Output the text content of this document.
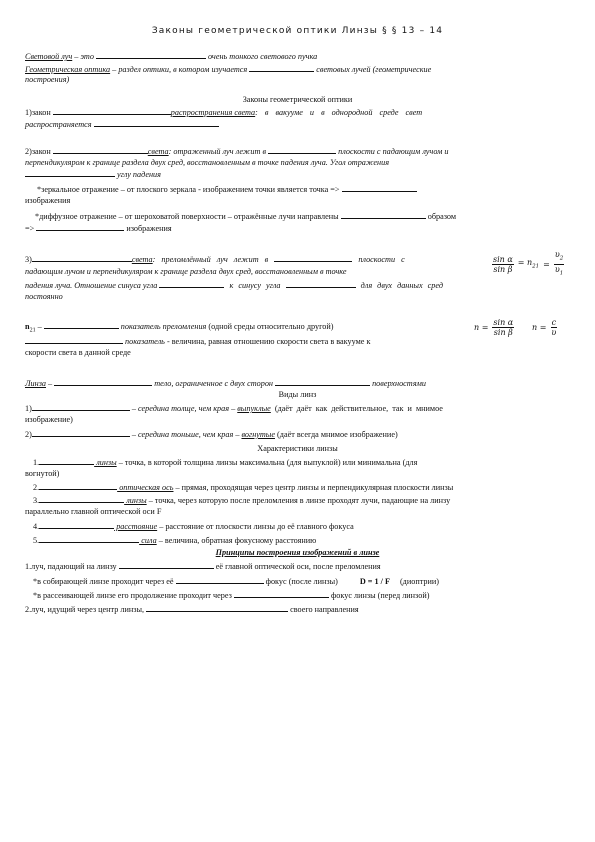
Законы геометрической оптики Линзы § § 13 – 14
Световой луч – это	очень тонкого светового пучка
Геометрическая оптика – раздел оптики, в котором изучается	световых лучей (геометрические
построения)
Законы геометрической оптики
1)закон	распространения света: в вакууме и в однородной среде свет
распространяется
2)закон	света: отраженный луч лежит в	плоскости с падающим лучом и
перпендикуляром к границе раздела двух сред, восстановленным в точке падения луча. Угол отражения
углу падения
*зеркальное отражение – от плоского зеркала - изображением точки является точка =>
изображения
*диффузное отражение – от шероховатой поверхности – отражённые лучи направлены	образом
=>	изображения
3)	света: преломлённый луч лежит в	плоскости с
падающим лучом и перпендикуляром к границе раздела двух сред, восстановленным в точке
падения луча. Отношение синуса угла	к синусу угла	для двух данных сред
постоянно
$n_{21}$ –	показатель преломления (одной среды относительно другой)
показатель - величина, равная отношению скорости света в вакууме к
скорости света в данной среде
Линза –	тело, ограниченное с двух сторон	поверхностями
Виды линз
1)	– середина толще, чем края – выпуклые (даёт даёт как действительное, так и мнимое
изображение)
2)	– середина тоньше, чем края – вогнутые (даёт всегда мнимое изображение)
Характеристики линзы
1.	линзы – точка, в которой толщина линзы максимальна (для выпуклой) или минимальна (для
вогнутой)
2.	оптическая ось – прямая, проходящая через центр линзы и перпендикулярная плоскости линзы
3.	линзы – точка, через которую после преломления в линзе проходят лучи, падающие на линзу
параллельно главной оптической оси F
4.	расстояние – расстояние от плоскости линзы до её главного фокуса
5.	сила – величина, обратная фокусному расстоянию
Принципы построения изображений в линзе
1.луч, падающий на линзу	её главной оптической оси, после преломления
*в собирающей линзе проходит через её	фокус (после линзы)	D = 1 / F (диоптрии)
*в рассеивающей линзе его продолжение проходит через	фокус линзы (перед линзой)
2.луч, идущий через центр линзы,	своего направления
$\frac{\text{sin α}}{\text{sin β}} = n_{21} = \frac{\upsilon_2}{\upsilon_1}$
$n = \frac{\text{sin α}}{\text{sin β}}$ $n = \frac{c}{\upsilon}$
